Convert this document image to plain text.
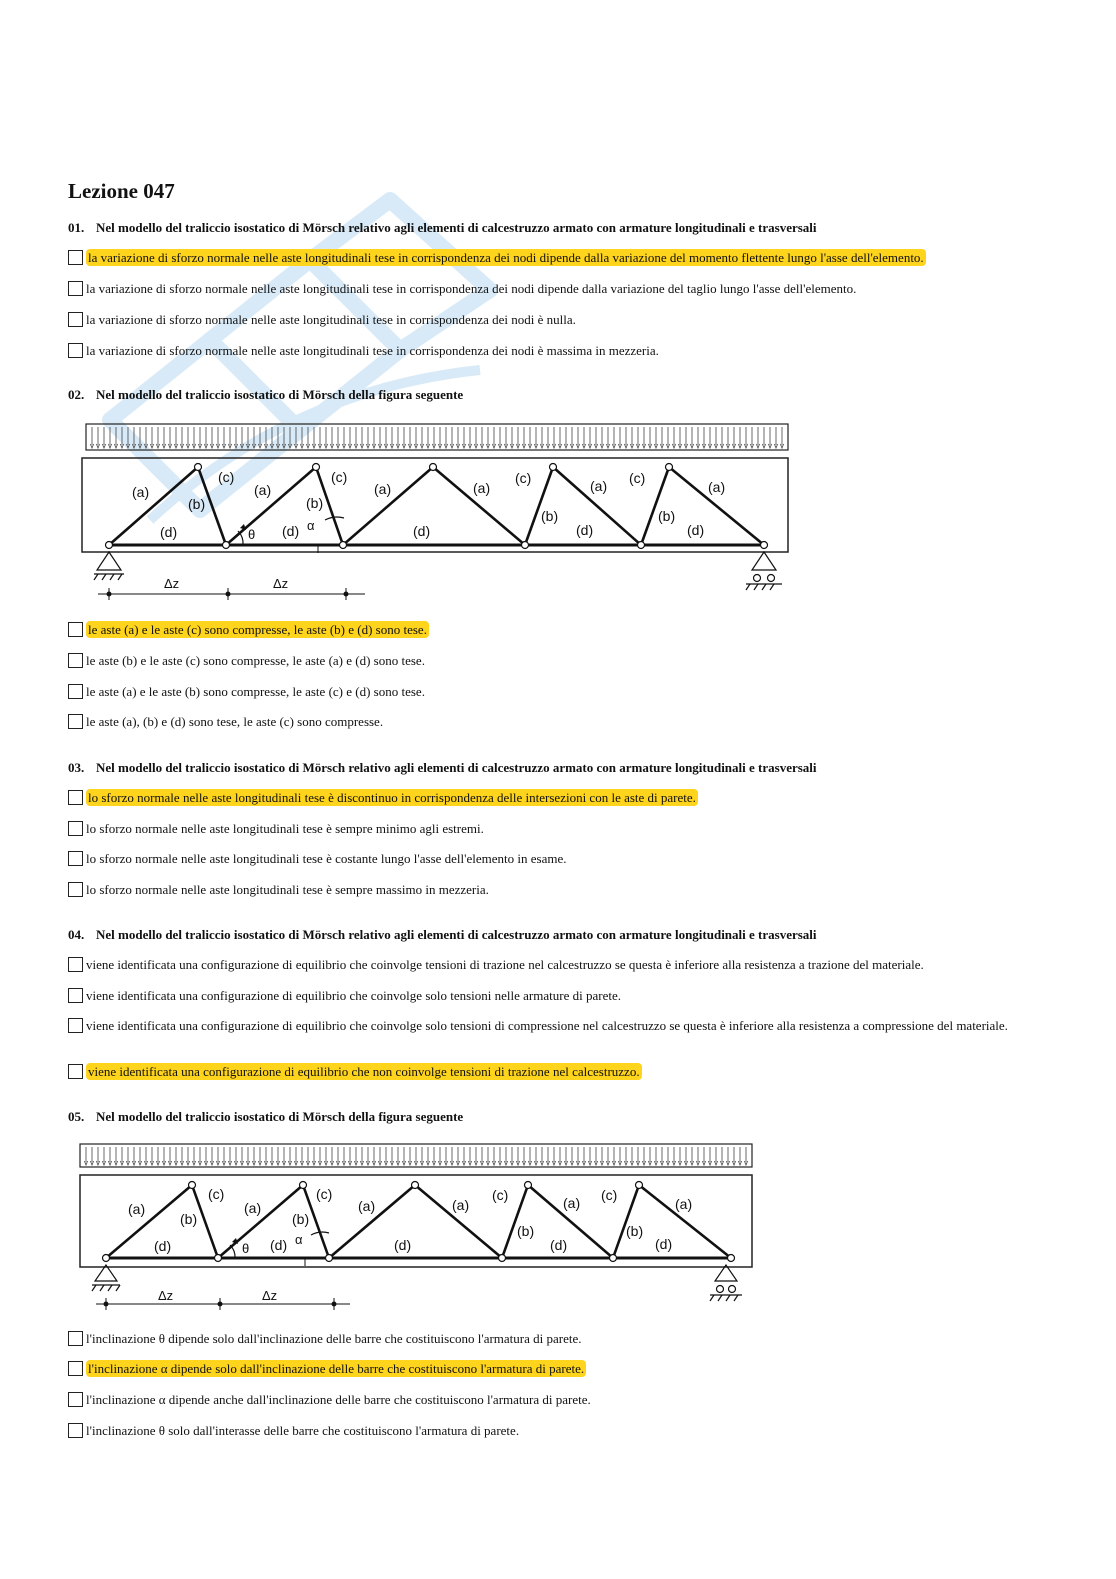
Lezione 047
01. Nel modello del traliccio isostatico di Mörsch relativo agli elementi di calcestruzzo armato con armature longitudinali e trasversali
la variazione di sforzo normale nelle aste longitudinali tese in corrispondenza dei nodi dipende dalla variazione del momento flettente lungo l'asse dell'elemento.
la variazione di sforzo normale nelle aste longitudinali tese in corrispondenza dei nodi dipende dalla variazione del taglio lungo l'asse dell'elemento.
la variazione di sforzo normale nelle aste longitudinali tese in corrispondenza dei nodi è nulla.
la variazione di sforzo normale nelle aste longitudinali tese in corrispondenza dei nodi è massima in mezzeria.
02. Nel modello del traliccio isostatico di Mörsch della figura seguente
(a)
(b)
(c)
(d)
(a)
(b)
(c)
(d)
(a)
(d)
(a)
(c)
(b)
(a) (c)
(d)
(b)
(a)
(d)
θ
α
Δz	Δz
le aste (a) e le aste (c) sono compresse, le aste (b) e (d) sono tese.
le aste (b) e le aste (c) sono compresse, le aste (a) e (d) sono tese.
le aste (a) e le aste (b) sono compresse, le aste (c) e (d) sono tese.
le aste (a), (b) e (d) sono tese, le aste (c) sono compresse.
03. Nel modello del traliccio isostatico di Mörsch relativo agli elementi di calcestruzzo armato con armature longitudinali e trasversali
lo sforzo normale nelle aste longitudinali tese è discontinuo in corrispondenza delle intersezioni con le aste di parete.
lo sforzo normale nelle aste longitudinali tese è sempre minimo agli estremi.
lo sforzo normale nelle aste longitudinali tese è costante lungo l'asse dell'elemento in esame.
lo sforzo normale nelle aste longitudinali tese è sempre massimo in mezzeria.
04. Nel modello del traliccio isostatico di Mörsch relativo agli elementi di calcestruzzo armato con armature longitudinali e trasversali
viene identificata una configurazione di equilibrio che coinvolge tensioni di trazione nel calcestruzzo se questa è inferiore alla resistenza a trazione del materiale.
viene identificata una configurazione di equilibrio che coinvolge solo tensioni nelle armature di parete.
viene identificata una configurazione di equilibrio che coinvolge solo tensioni di compressione nel calcestruzzo se questa è inferiore alla resistenza a compressione del materiale.
viene identificata una configurazione di equilibrio che non coinvolge tensioni di trazione nel calcestruzzo.
05. Nel modello del traliccio isostatico di Mörsch della figura seguente
(a)
(b)
(c)
(d)
(a)
(b)
(c)
(d)
(a)
(d)
(a)
(c)
(b)
(a) (c)
(d)
(b)
(a)
(d)
θ
α
Δz	Δz
l'inclinazione θ dipende solo dall'inclinazione delle barre che costituiscono l'armatura di parete.
l'inclinazione α dipende solo dall'inclinazione delle barre che costituiscono l'armatura di parete.
l'inclinazione α dipende anche dall'inclinazione delle barre che costituiscono l'armatura di parete.
l'inclinazione θ solo dall'interasse delle barre che costituiscono l'armatura di parete.
